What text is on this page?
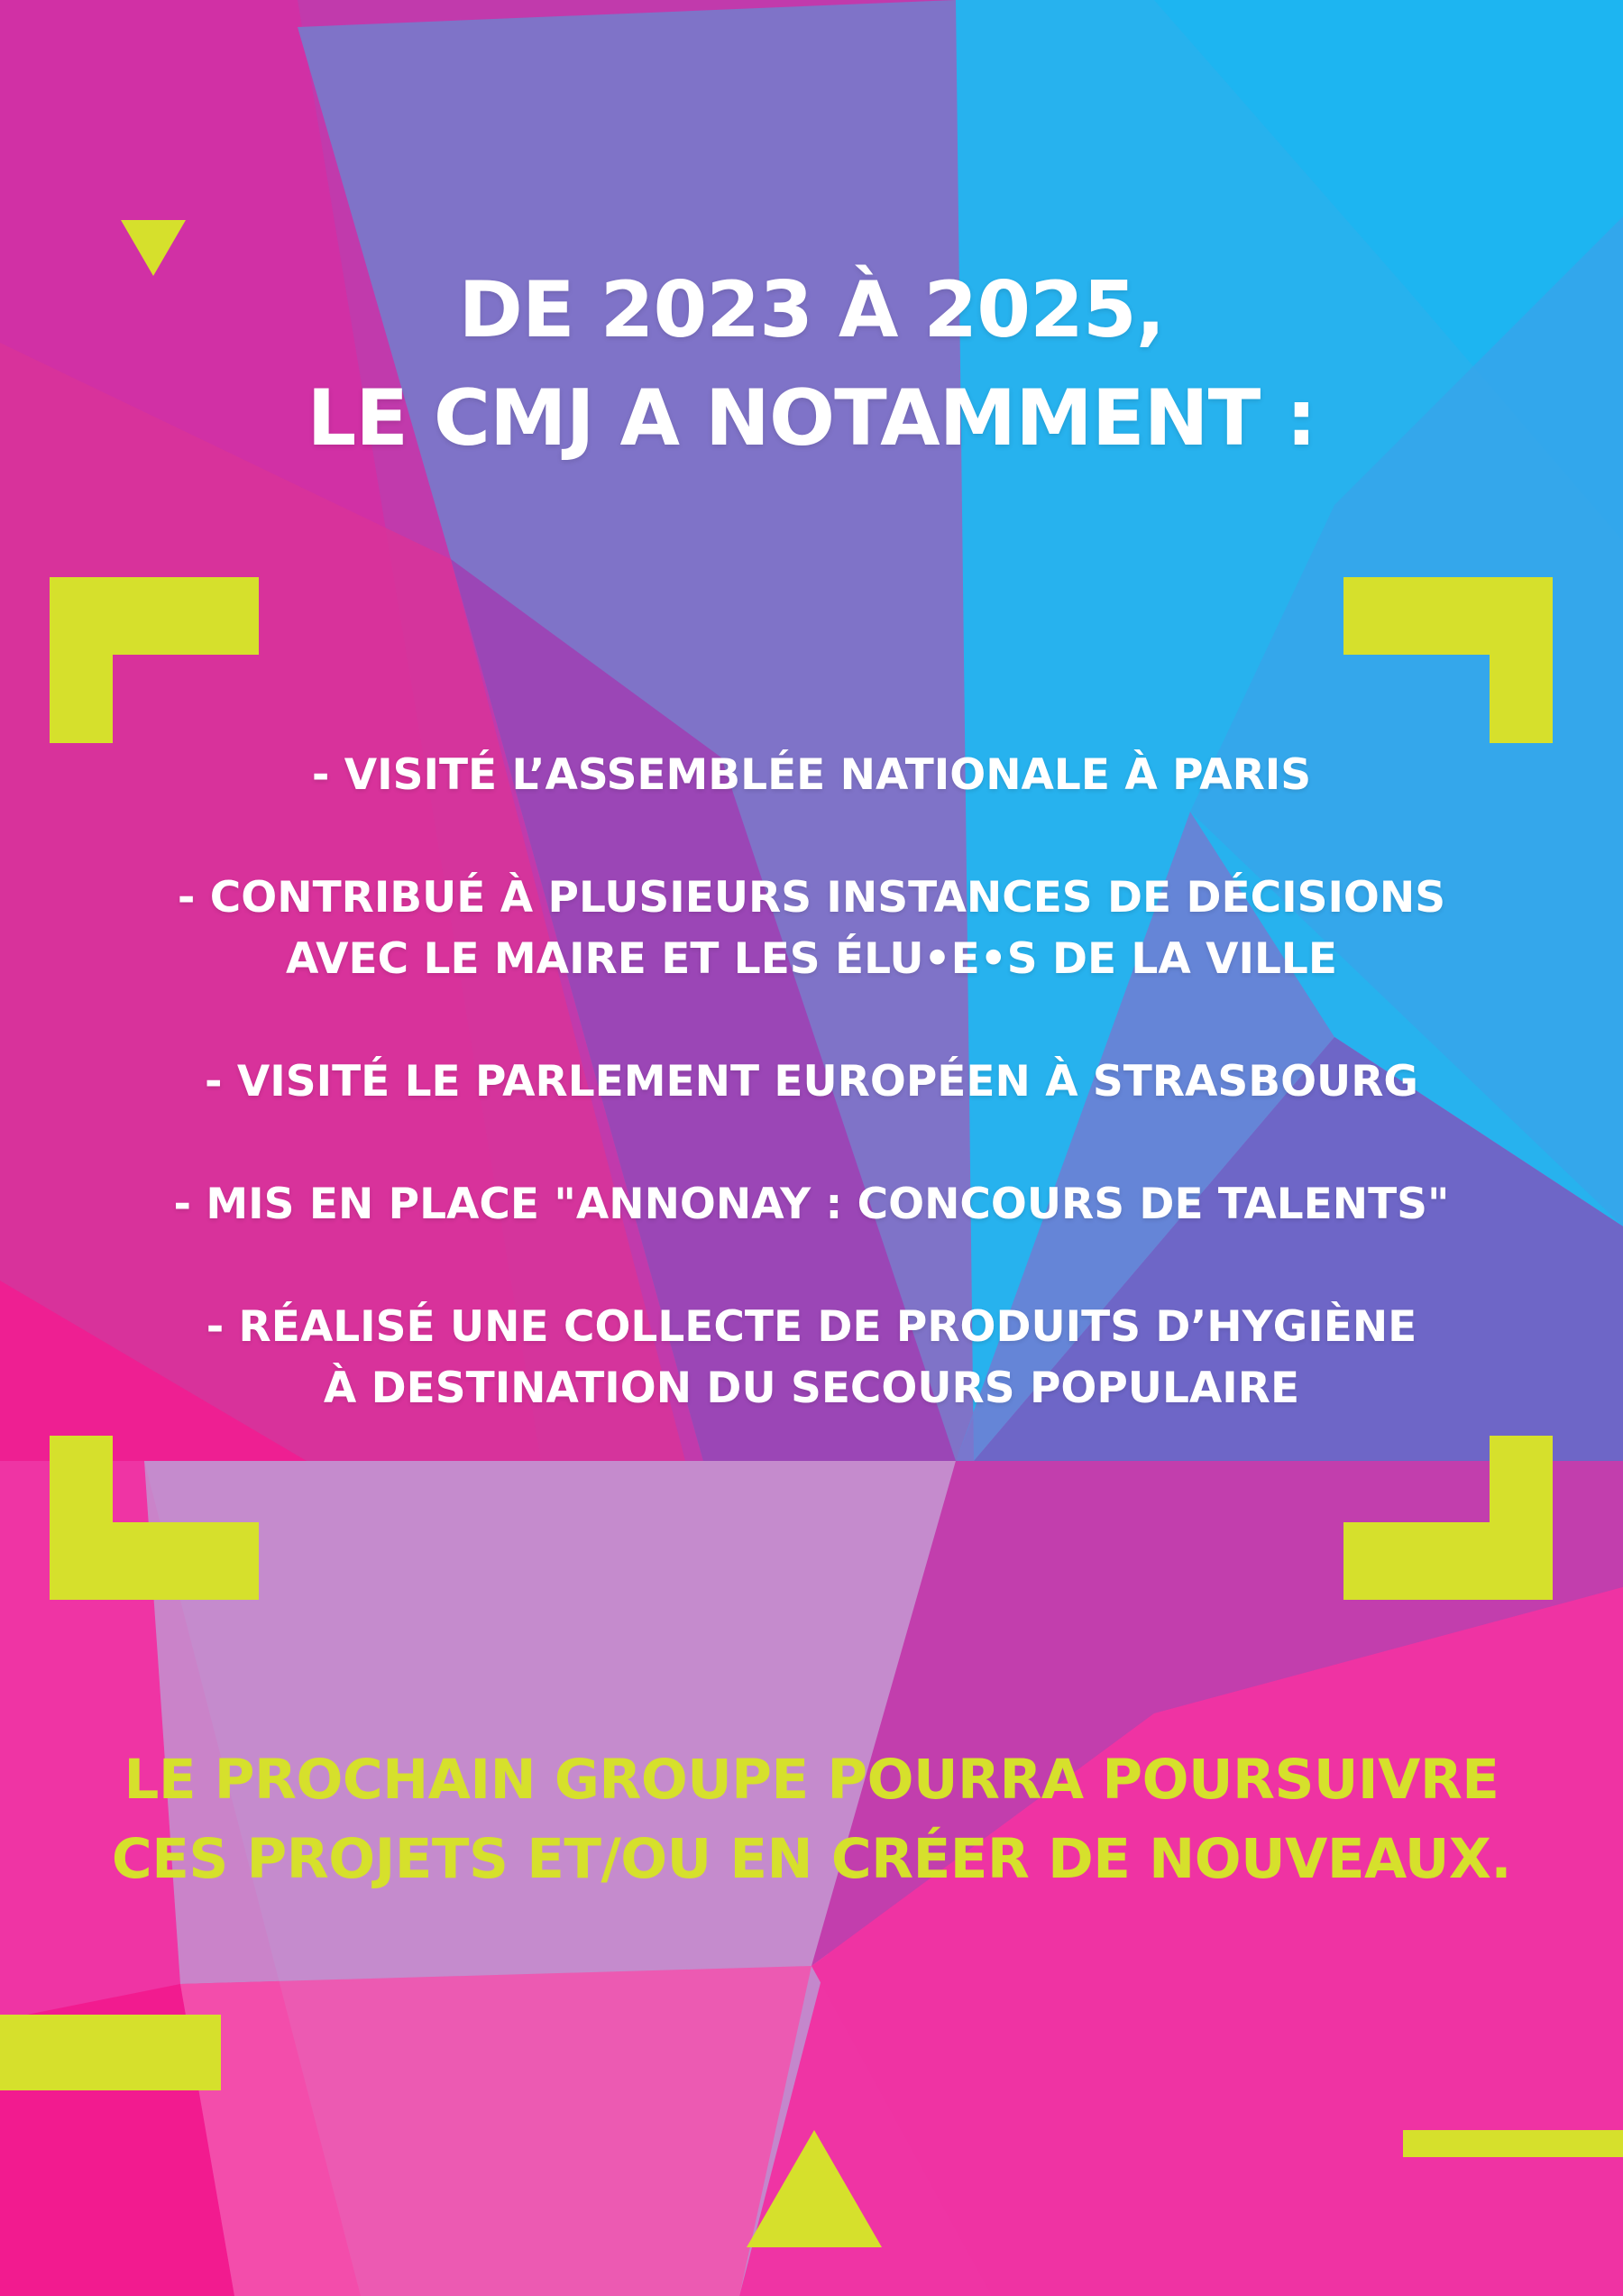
DE 2023 À 2025,
LE CMJ A NOTAMMENT :
- VISITÉ L’ASSEMBLÉE NATIONALE À PARIS
- CONTRIBUÉ À PLUSIEURS INSTANCES DE DÉCISIONS
AVEC LE MAIRE ET LES ÉLU•E•S DE LA VILLE
- VISITÉ LE PARLEMENT EUROPÉEN À STRASBOURG
- MIS EN PLACE "ANNONAY : CONCOURS DE TALENTS"
- RÉALISÉ UNE COLLECTE DE PRODUITS D’HYGIÈNE
À DESTINATION DU SECOURS POPULAIRE
LE PROCHAIN GROUPE POURRA POURSUIVRE
CES PROJETS ET/OU EN CRÉER DE NOUVEAUX.
